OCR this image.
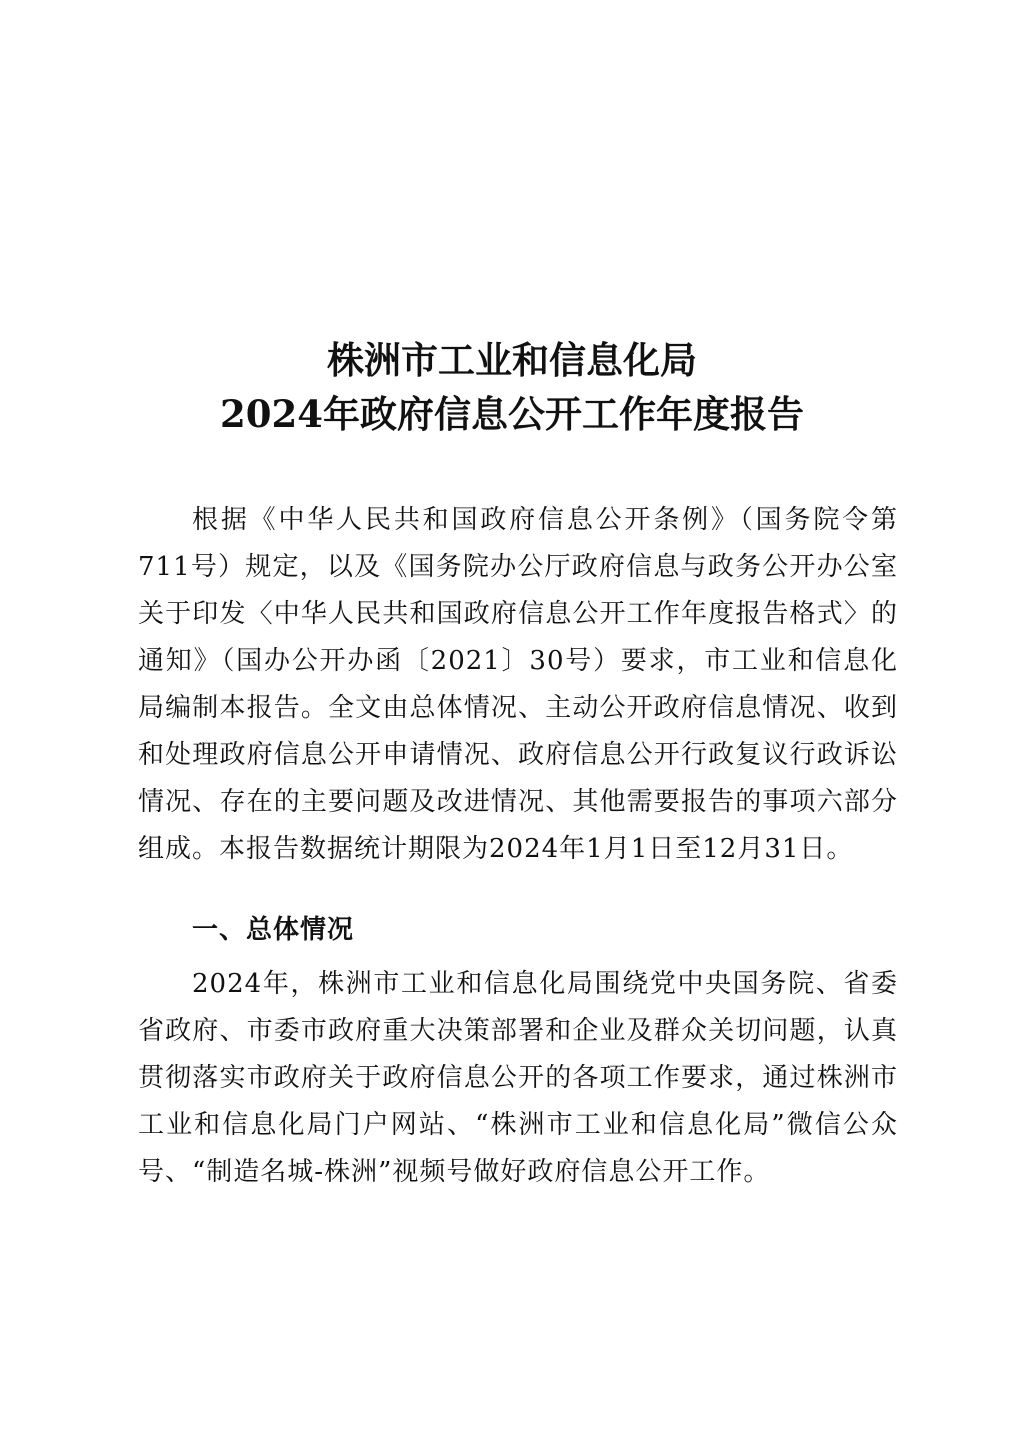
株洲市工业和信息化局
2024年政府信息公开工作年度报告

根据《中华人民共和国政府信息公开条例》（国务院令第711号）规定，以及《国务院办公厅政府信息与政务公开办公室关于印发〈中华人民共和国政府信息公开工作年度报告格式〉的通知》（国办公开办函〔2021〕30号）要求，市工业和信息化局编制本报告。全文由总体情况、主动公开政府信息情况、收到和处理政府信息公开申请情况、政府信息公开行政复议行政诉讼情况、存在的主要问题及改进情况、其他需要报告的事项六部分组成。本报告数据统计期限为2024年1月1日至12月31日。

一、总体情况

2024年，株洲市工业和信息化局围绕党中央国务院、省委省政府、市委市政府重大决策部署和企业及群众关切问题，认真贯彻落实市政府关于政府信息公开的各项工作要求，通过株洲市工业和信息化局门户网站、“株洲市工业和信息化局”微信公众号、“制造名城-株洲”视频号做好政府信息公开工作。
